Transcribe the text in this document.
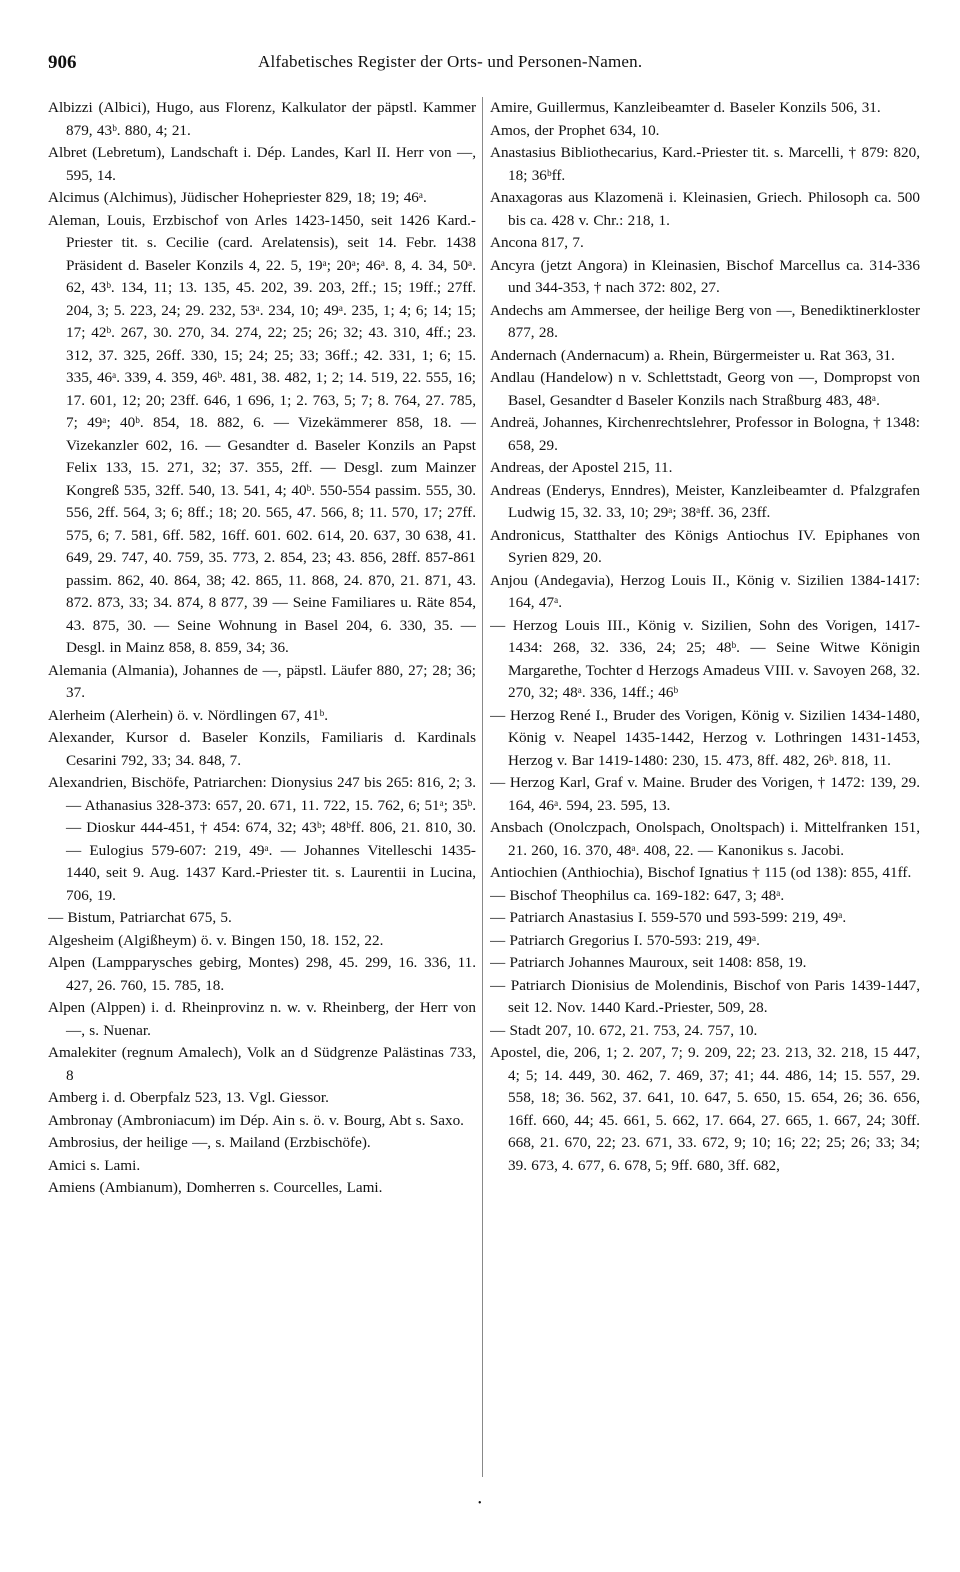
906	Alfabetisches Register der Orts- und Personen-Namen.

Albizzi (Albici), Hugo, aus Florenz, Kalkulator der päpstl. Kammer 879, 43ᵇ. 880, 4; 21.

Albret (Lebretum), Landschaft i. Dép. Landes, Karl II. Herr von —, 595, 14.

Alcimus (Alchimus), Jüdischer Hohepriester 829, 18; 19; 46ᵃ.

Aleman, Louis, Erzbischof von Arles 1423-1450, seit 1426 Kard.-Priester tit. s. Cecilie (card. Arelatensis), seit 14. Febr. 1438 Präsident d. Baseler Konzils 4, 22. 5, 19ᵃ; 20ᵃ; 46ᵃ. 8, 4. 34, 50ᵃ. 62, 43ᵇ. 134, 11; 13. 135, 45. 202, 39. 203, 2ff.; 15; 19ff.; 27ff. 204, 3; 5. 223, 24; 29. 232, 53ᵃ. 234, 10; 49ᵃ. 235, 1; 4; 6; 14; 15; 17; 42ᵇ. 267, 30. 270, 34. 274, 22; 25; 26; 32; 43. 310, 4ff.; 23. 312, 37. 325, 26ff. 330, 15; 24; 25; 33; 36ff.; 42. 331, 1; 6; 15. 335, 46ᵃ. 339, 4. 359, 46ᵇ. 481, 38. 482, 1; 2; 14. 519, 22. 555, 16; 17. 601, 12; 20; 23ff. 646, 1 696, 1; 2. 763, 5; 7; 8. 764, 27. 785, 7; 49ᵃ; 40ᵇ. 854, 18. 882, 6. — Vizekämmerer 858, 18. — Vizekanzler 602, 16. — Gesandter d. Baseler Konzils an Papst Felix 133, 15. 271, 32; 37. 355, 2ff. — Desgl. zum Mainzer Kongreß 535, 32ff. 540, 13. 541, 4; 40ᵇ. 550-554 passim. 555, 30. 556, 2ff. 564, 3; 6; 8ff.; 18; 20. 565, 47. 566, 8; 11. 570, 17; 27ff. 575, 6; 7. 581, 6ff. 582, 16ff. 601. 602. 614, 20. 637, 30 638, 41. 649, 29. 747, 40. 759, 35. 773, 2. 854, 23; 43. 856, 28ff. 857-861 passim. 862, 40. 864, 38; 42. 865, 11. 868, 24. 870, 21. 871, 43. 872. 873, 33; 34. 874, 8 877, 39 — Seine Familiares u. Räte 854, 43. 875, 30. — Seine Wohnung in Basel 204, 6. 330, 35. — Desgl. in Mainz 858, 8. 859, 34; 36.

Alemania (Almania), Johannes de —, päpstl. Läufer 880, 27; 28; 36; 37.

Alerheim (Alerhein) ö. v. Nördlingen 67, 41ᵇ.

Alexander, Kursor d. Baseler Konzils, Familiaris d. Kardinals Cesarini 792, 33; 34. 848, 7.

Alexandrien, Bischöfe, Patriarchen: Dionysius 247 bis 265: 816, 2; 3. — Athanasius 328-373: 657, 20. 671, 11. 722, 15. 762, 6; 51ᵃ; 35ᵇ. — Dioskur 444-451, † 454: 674, 32; 43ᵇ; 48ᵇff. 806, 21. 810, 30. — Eulogius 579-607: 219, 49ᵃ. — Johannes Vitelleschi 1435-1440, seit 9. Aug. 1437 Kard.-Priester tit. s. Laurentii in Lucina, 706, 19.

— Bistum, Patriarchat 675, 5.

Algesheim (Algißheym) ö. v. Bingen 150, 18. 152, 22.

Alpen (Lampparysches gebirg, Montes) 298, 45. 299, 16. 336, 11. 427, 26. 760, 15. 785, 18.

Alpen (Alppen) i. d. Rheinprovinz n. w. v. Rheinberg, der Herr von —, s. Nuenar.

Amalekiter (regnum Amalech), Volk an d Südgrenze Palästinas 733, 8

Amberg i. d. Oberpfalz 523, 13. Vgl. Giessor.

Ambronay (Ambroniacum) im Dép. Ain s. ö. v. Bourg, Abt s. Saxo.

Ambrosius, der heilige —, s. Mailand (Erzbischöfe).

Amici s. Lami.

Amiens (Ambianum), Domherren s. Courcelles, Lami.

Amire, Guillermus, Kanzleibeamter d. Baseler Konzils 506, 31.

Amos, der Prophet 634, 10.

Anastasius Bibliothecarius, Kard.-Priester tit. s. Marcelli, † 879: 820, 18; 36ᵇff.

Anaxagoras aus Klazomenä i. Kleinasien, Griech. Philosoph ca. 500 bis ca. 428 v. Chr.: 218, 1.

Ancona 817, 7.

Ancyra (jetzt Angora) in Kleinasien, Bischof Marcellus ca. 314-336 und 344-353, † nach 372: 802, 27.

Andechs am Ammersee, der heilige Berg von —, Benediktinerkloster 877, 28.

Andernach (Andernacum) a. Rhein, Bürgermeister u. Rat 363, 31.

Andlau (Handelow) n v. Schlettstadt, Georg von —, Dompropst von Basel, Gesandter d Baseler Konzils nach Straßburg 483, 48ᵃ.

Andreä, Johannes, Kirchenrechtslehrer, Professor in Bologna, † 1348: 658, 29.

Andreas, der Apostel 215, 11.

Andreas (Enderys, Enndres), Meister, Kanzleibeamter d. Pfalzgrafen Ludwig 15, 32. 33, 10; 29ᵃ; 38ᵃff. 36, 23ff.

Andronicus, Statthalter des Königs Antiochus IV. Epiphanes von Syrien 829, 20.

Anjou (Andegavia), Herzog Louis II., König v. Sizilien 1384-1417: 164, 47ᵃ.

— Herzog Louis III., König v. Sizilien, Sohn des Vorigen, 1417-1434: 268, 32. 336, 24; 25; 48ᵇ. — Seine Witwe Königin Margarethe, Tochter d Herzogs Amadeus VIII. v. Savoyen 268, 32. 270, 32; 48ᵃ. 336, 14ff.; 46ᵇ

— Herzog René I., Bruder des Vorigen, König v. Sizilien 1434-1480, König v. Neapel 1435-1442, Herzog v. Lothringen 1431-1453, Herzog v. Bar 1419-1480: 230, 15. 473, 8ff. 482, 26ᵇ. 818, 11.

— Herzog Karl, Graf v. Maine. Bruder des Vorigen, † 1472: 139, 29. 164, 46ᵃ. 594, 23. 595, 13.

Ansbach (Onolczpach, Onolspach, Onoltspach) i. Mittelfranken 151, 21. 260, 16. 370, 48ᵃ. 408, 22. — Kanonikus s. Jacobi.

Antiochien (Anthiochia), Bischof Ignatius † 115 (od 138): 855, 41ff.

— Bischof Theophilus ca. 169-182: 647, 3; 48ᵃ.

— Patriarch Anastasius I. 559-570 und 593-599: 219, 49ᵃ.

— Patriarch Gregorius I. 570-593: 219, 49ᵃ.

— Patriarch Johannes Mauroux, seit 1408: 858, 19.

— Patriarch Dionisius de Molendinis, Bischof von Paris 1439-1447, seit 12. Nov. 1440 Kard.-Priester, 509, 28.

— Stadt 207, 10. 672, 21. 753, 24. 757, 10.

Apostel, die, 206, 1; 2. 207, 7; 9. 209, 22; 23. 213, 32. 218, 15 447, 4; 5; 14. 449, 30. 462, 7. 469, 37; 41; 44. 486, 14; 15. 557, 29. 558, 18; 36. 562, 37. 641, 10. 647, 5. 650, 15. 654, 26; 36. 656, 16ff. 660, 44; 45. 661, 5. 662, 17. 664, 27. 665, 1. 667, 24; 30ff. 668, 21. 670, 22; 23. 671, 33. 672, 9; 10; 16; 22; 25; 26; 33; 34; 39. 673, 4. 677, 6. 678, 5; 9ff. 680, 3ff. 682,

•
